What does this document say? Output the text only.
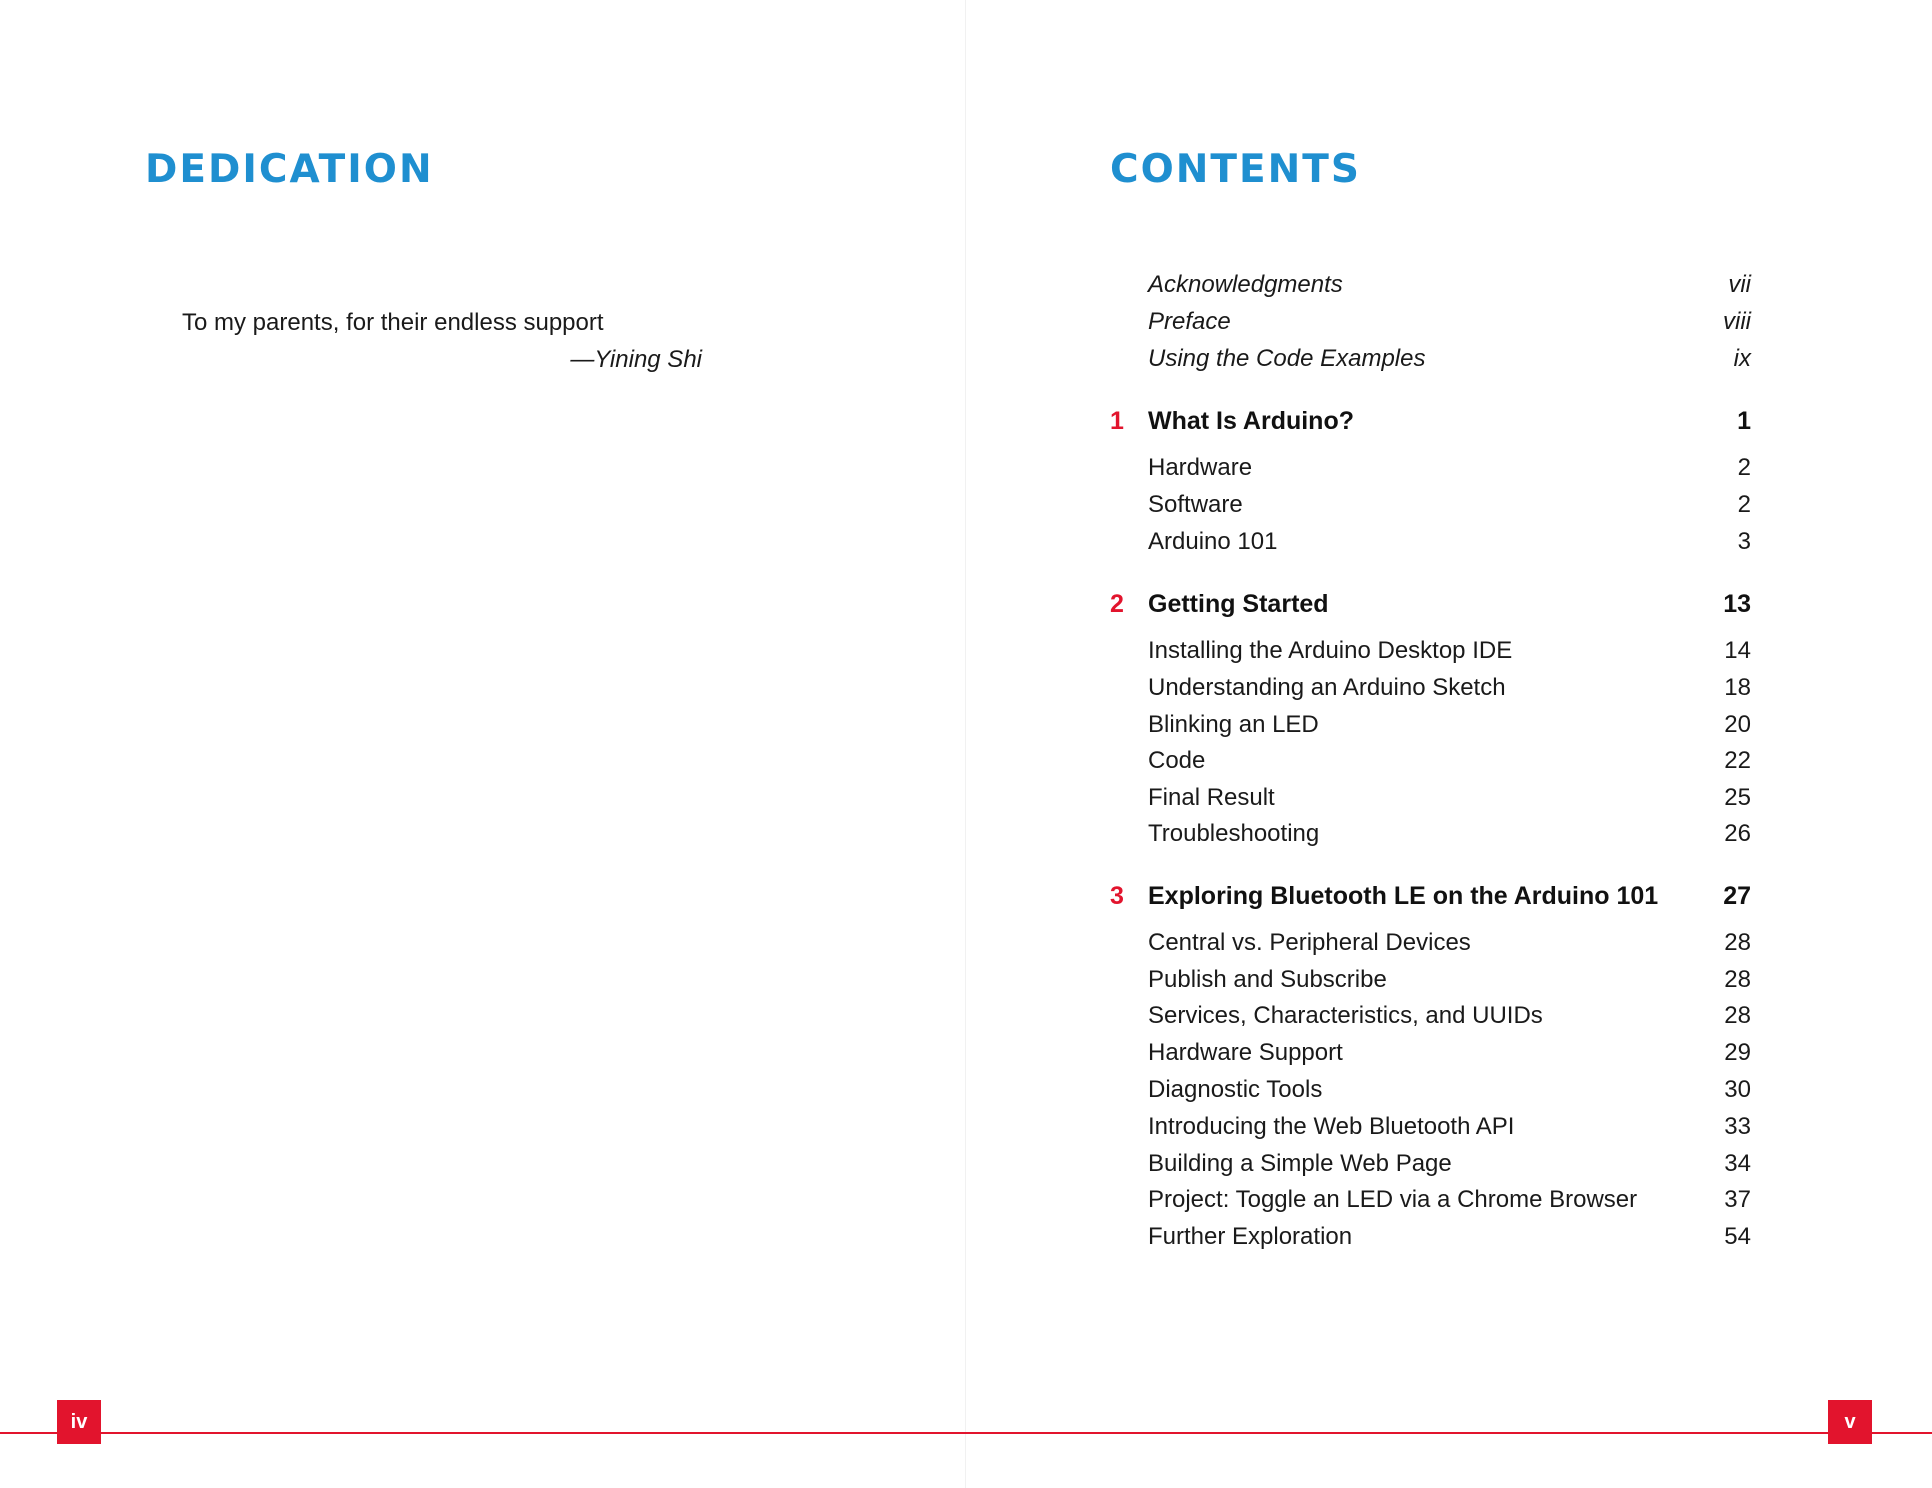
DEDICATION
To my parents, for their endless support
—Yining Shi
CONTENTS
Acknowledgments	vii
Preface	viii
Using the Code Examples	ix
1 What Is Arduino?	1
Hardware	2
Software	2
Arduino 101	3
2 Getting Started	13
Installing the Arduino Desktop IDE	14
Understanding an Arduino Sketch	18
Blinking an LED	20
Code	22
Final Result	25
Troubleshooting	26
3 Exploring Bluetooth LE on the Arduino 101	27
Central vs. Peripheral Devices	28
Publish and Subscribe	28
Services, Characteristics, and UUIDs	28
Hardware Support	29
Diagnostic Tools	30
Introducing the Web Bluetooth API	33
Building a Simple Web Page	34
Project: Toggle an LED via a Chrome Browser	37
Further Exploration	54
iv	v
